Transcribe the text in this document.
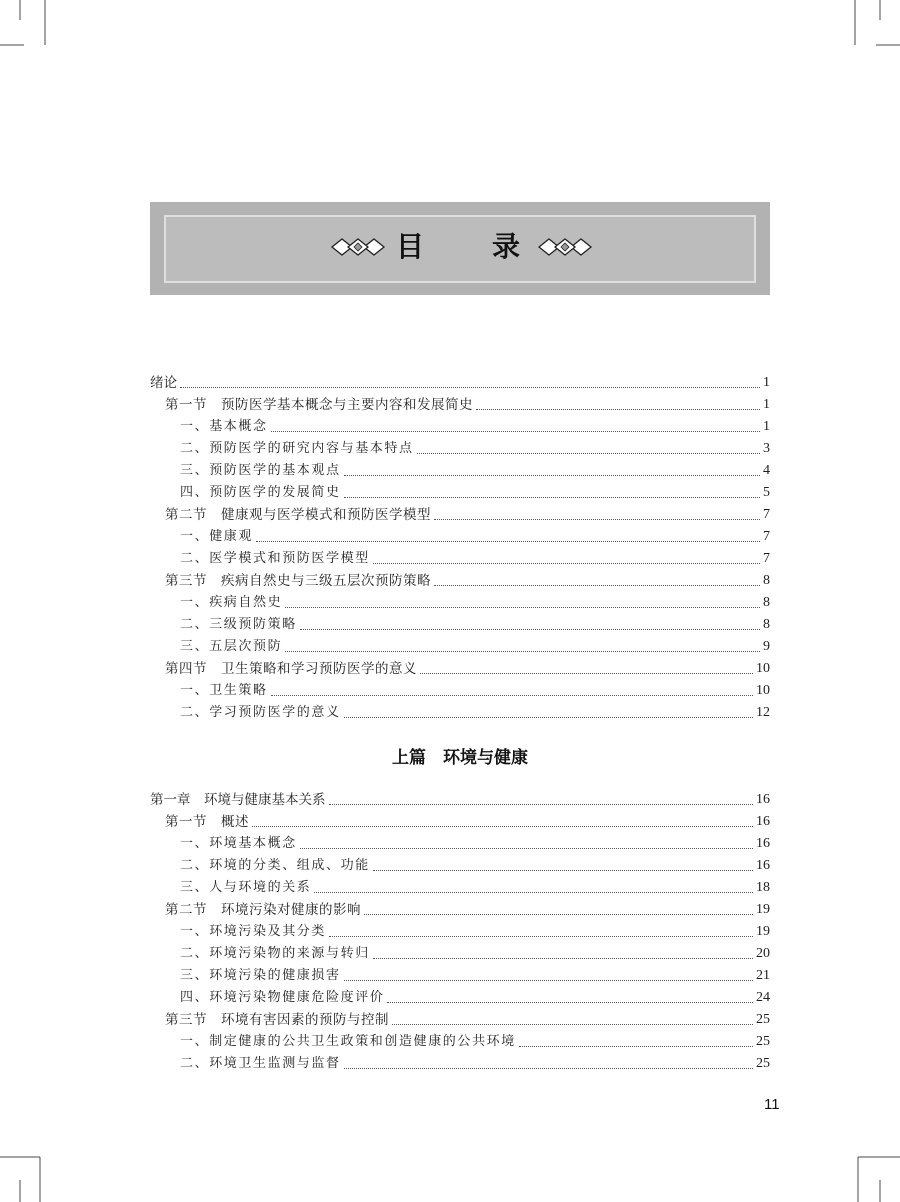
目　　录
绪论	1
第一节　预防医学基本概念与主要内容和发展简史	1
一、基本概念	1
二、预防医学的研究内容与基本特点	3
三、预防医学的基本观点	4
四、预防医学的发展简史	5
第二节　健康观与医学模式和预防医学模型	7
一、健康观	7
二、医学模式和预防医学模型	7
第三节　疾病自然史与三级五层次预防策略	8
一、疾病自然史	8
二、三级预防策略	8
三、五层次预防	9
第四节　卫生策略和学习预防医学的意义	10
一、卫生策略	10
二、学习预防医学的意义	12
上篇　环境与健康
第一章　环境与健康基本关系	16
第一节　概述	16
一、环境基本概念	16
二、环境的分类、组成、功能	16
三、人与环境的关系	18
第二节　环境污染对健康的影响	19
一、环境污染及其分类	19
二、环境污染物的来源与转归	20
三、环境污染的健康损害	21
四、环境污染物健康危险度评价	24
第三节　环境有害因素的预防与控制	25
一、制定健康的公共卫生政策和创造健康的公共环境	25
二、环境卫生监测与监督	25
11
